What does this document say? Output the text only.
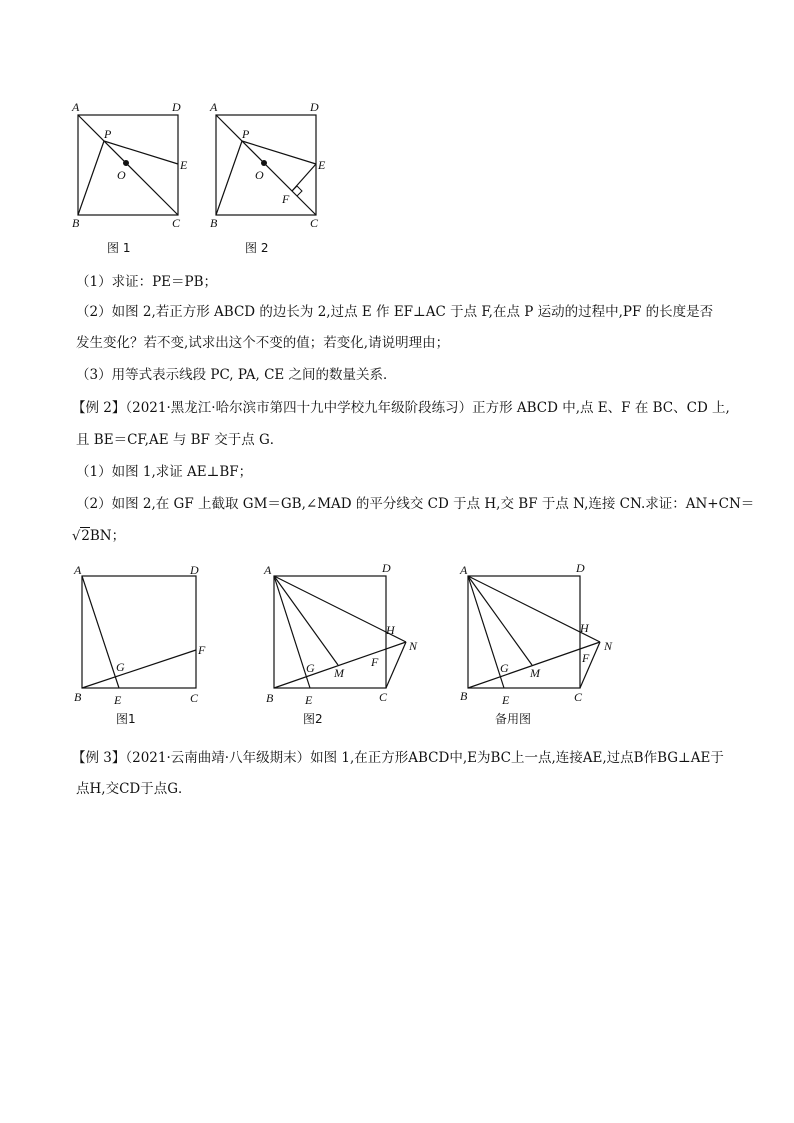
A	D
P
O
E
B	C
图 1
A	D
P
O
E
F
B	C
图 2
（1）求证：PE＝PB；
（2）如图 2,若正方形 ABCD 的边长为 2,过点 E 作 EF⊥AC 于点 F,在点 P 运动的过程中,PF 的长度是否
发生变化？若不变,试求出这个不变的值；若变化,请说明理由；
（3）用等式表示线段 PC, PA, CE 之间的数量关系．
【例 2】（2021·黑龙江·哈尔滨市第四十九中学校九年级阶段练习）正方形 ABCD 中,点 E、F 在 BC、CD 上,
且 BE＝CF,AE 与 BF 交于点 G．
（1）如图 1,求证 AE⊥BF；
（2）如图 2,在 GF 上截取 GM＝GB,∠MAD 的平分线交 CD 于点 H,交 BF 于点 N,连接 CN.求证：AN+CN＝
√2BN；
A	D
F
G
B	E	C
图1
A	D
H
N
G M
F
B	E	C
图2
A	D
H
N
G M
F
B	E	C
备用图
【例 3】（2021·云南曲靖·八年级期末）如图 1,在正方形ABCD中,E为BC上一点,连接AE,过点B作BG⊥AE于
点H,交CD于点G．
